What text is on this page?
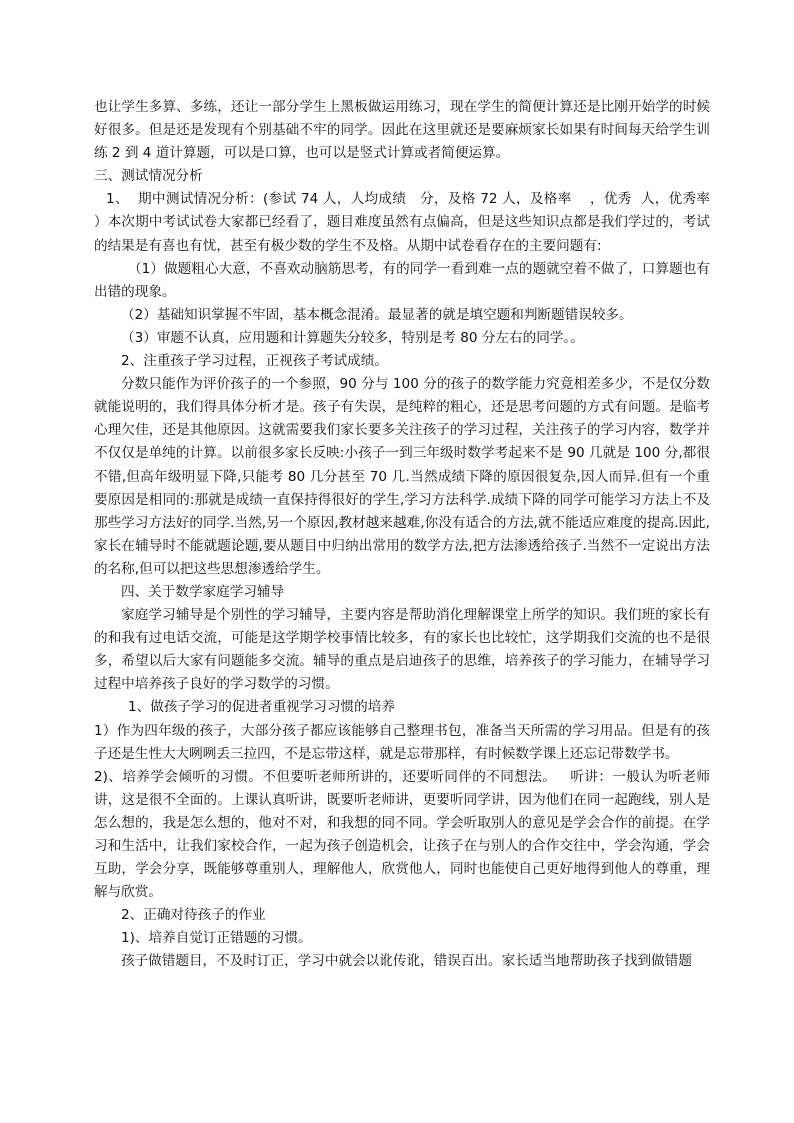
也让学生多算、多练，还让一部分学生上黑板做运用练习，现在学生的简便计算还是比刚开始学的时候好很多。但是还是发现有个别基础不牢的同学。因此在这里就还是要麻烦家长如果有时间每天给学生训练 2 到 4 道计算题，可以是口算，也可以是竖式计算或者简便运算。

三、测试情况分析

1、  期中测试情况分析：(参试 74 人，人均成绩   分，及格 72 人，及格率    ，优秀  人，优秀率     ）本次期中考试试卷大家都已经看了，题目难度虽然有点偏高，但是这些知识点都是我们学过的，考试的结果是有喜也有忧，甚至有极少数的学生不及格。从期中试卷看存在的主要问题有:

（1）做题粗心大意，不喜欢动脑筋思考，有的同学一看到难一点的题就空着不做了，口算题也有出错的现象。

（2）基础知识掌握不牢固，基本概念混淆。最显著的就是填空题和判断题错误较多。

（3）审题不认真，应用题和计算题失分较多，特别是考 80 分左右的同学。。

2、注重孩子学习过程，正视孩子考试成绩。

分数只能作为评价孩子的一个参照，90 分与 100 分的孩子的数学能力究竟相差多少，不是仅分数就能说明的，我们得具体分析才是。孩子有失误，是纯粹的粗心，还是思考问题的方式有问题。是临考心理欠佳，还是其他原因。这就需要我们家长要多关注孩子的学习过程，关注孩子的学习内容，数学并不仅仅是单纯的计算。以前很多家长反映:小孩子一到三年级时数学考起来不是 90 几就是 100 分,都很不错,但高年级明显下降,只能考 80 几分甚至 70 几.当然成绩下降的原因很复杂,因人而异.但有一个重要原因是相同的:那就是成绩一直保持得很好的学生,学习方法科学.成绩下降的同学可能学习方法上不及那些学习方法好的同学.当然,另一个原因,教材越来越难,你没有适合的方法,就不能适应难度的提高.因此,家长在辅导时不能就题论题,要从题目中归纳出常用的数学方法,把方法渗透给孩子.当然不一定说出方法的名称,但可以把这些思想渗透给学生。

四、关于数学家庭学习辅导

家庭学习辅导是个别性的学习辅导，主要内容是帮助消化理解课堂上所学的知识。我们班的家长有的和我有过电话交流，可能是这学期学校事情比较多，有的家长也比较忙，这学期我们交流的也不是很多，希望以后大家有问题能多交流。辅导的重点是启迪孩子的思维，培养孩子的学习能力，在辅导学习过程中培养孩子良好的学习数学的习惯。

1、做孩子学习的促进者重视学习习惯的培养

1）作为四年级的孩子，大部分孩子都应该能够自己整理书包，准备当天所需的学习用品。但是有的孩子还是生性大大咧咧丢三拉四，不是忘带这样，就是忘带那样，有时候数学课上还忘记带数学书。

2)、培养学会倾听的习惯。不但要听老师所讲的，还要听同伴的不同想法。   听讲：一般认为听老师讲，这是很不全面的。上课认真听讲，既要听老师讲，更要听同学讲，因为他们在同一起跑线，别人是怎么想的，我是怎么想的，他对不对，和我想的同不同。学会听取别人的意见是学会合作的前提。在学习和生活中，让我们家校合作，一起为孩子创造机会，让孩子在与别人的合作交往中，学会沟通，学会互助，学会分享，既能够尊重别人，理解他人，欣赏他人，同时也能使自己更好地得到他人的尊重，理解与欣赏。

2、正确对待孩子的作业

1)、培养自觉订正错题的习惯。

孩子做错题目，不及时订正，学习中就会以讹传讹，错误百出。家长适当地帮助孩子找到做错题
